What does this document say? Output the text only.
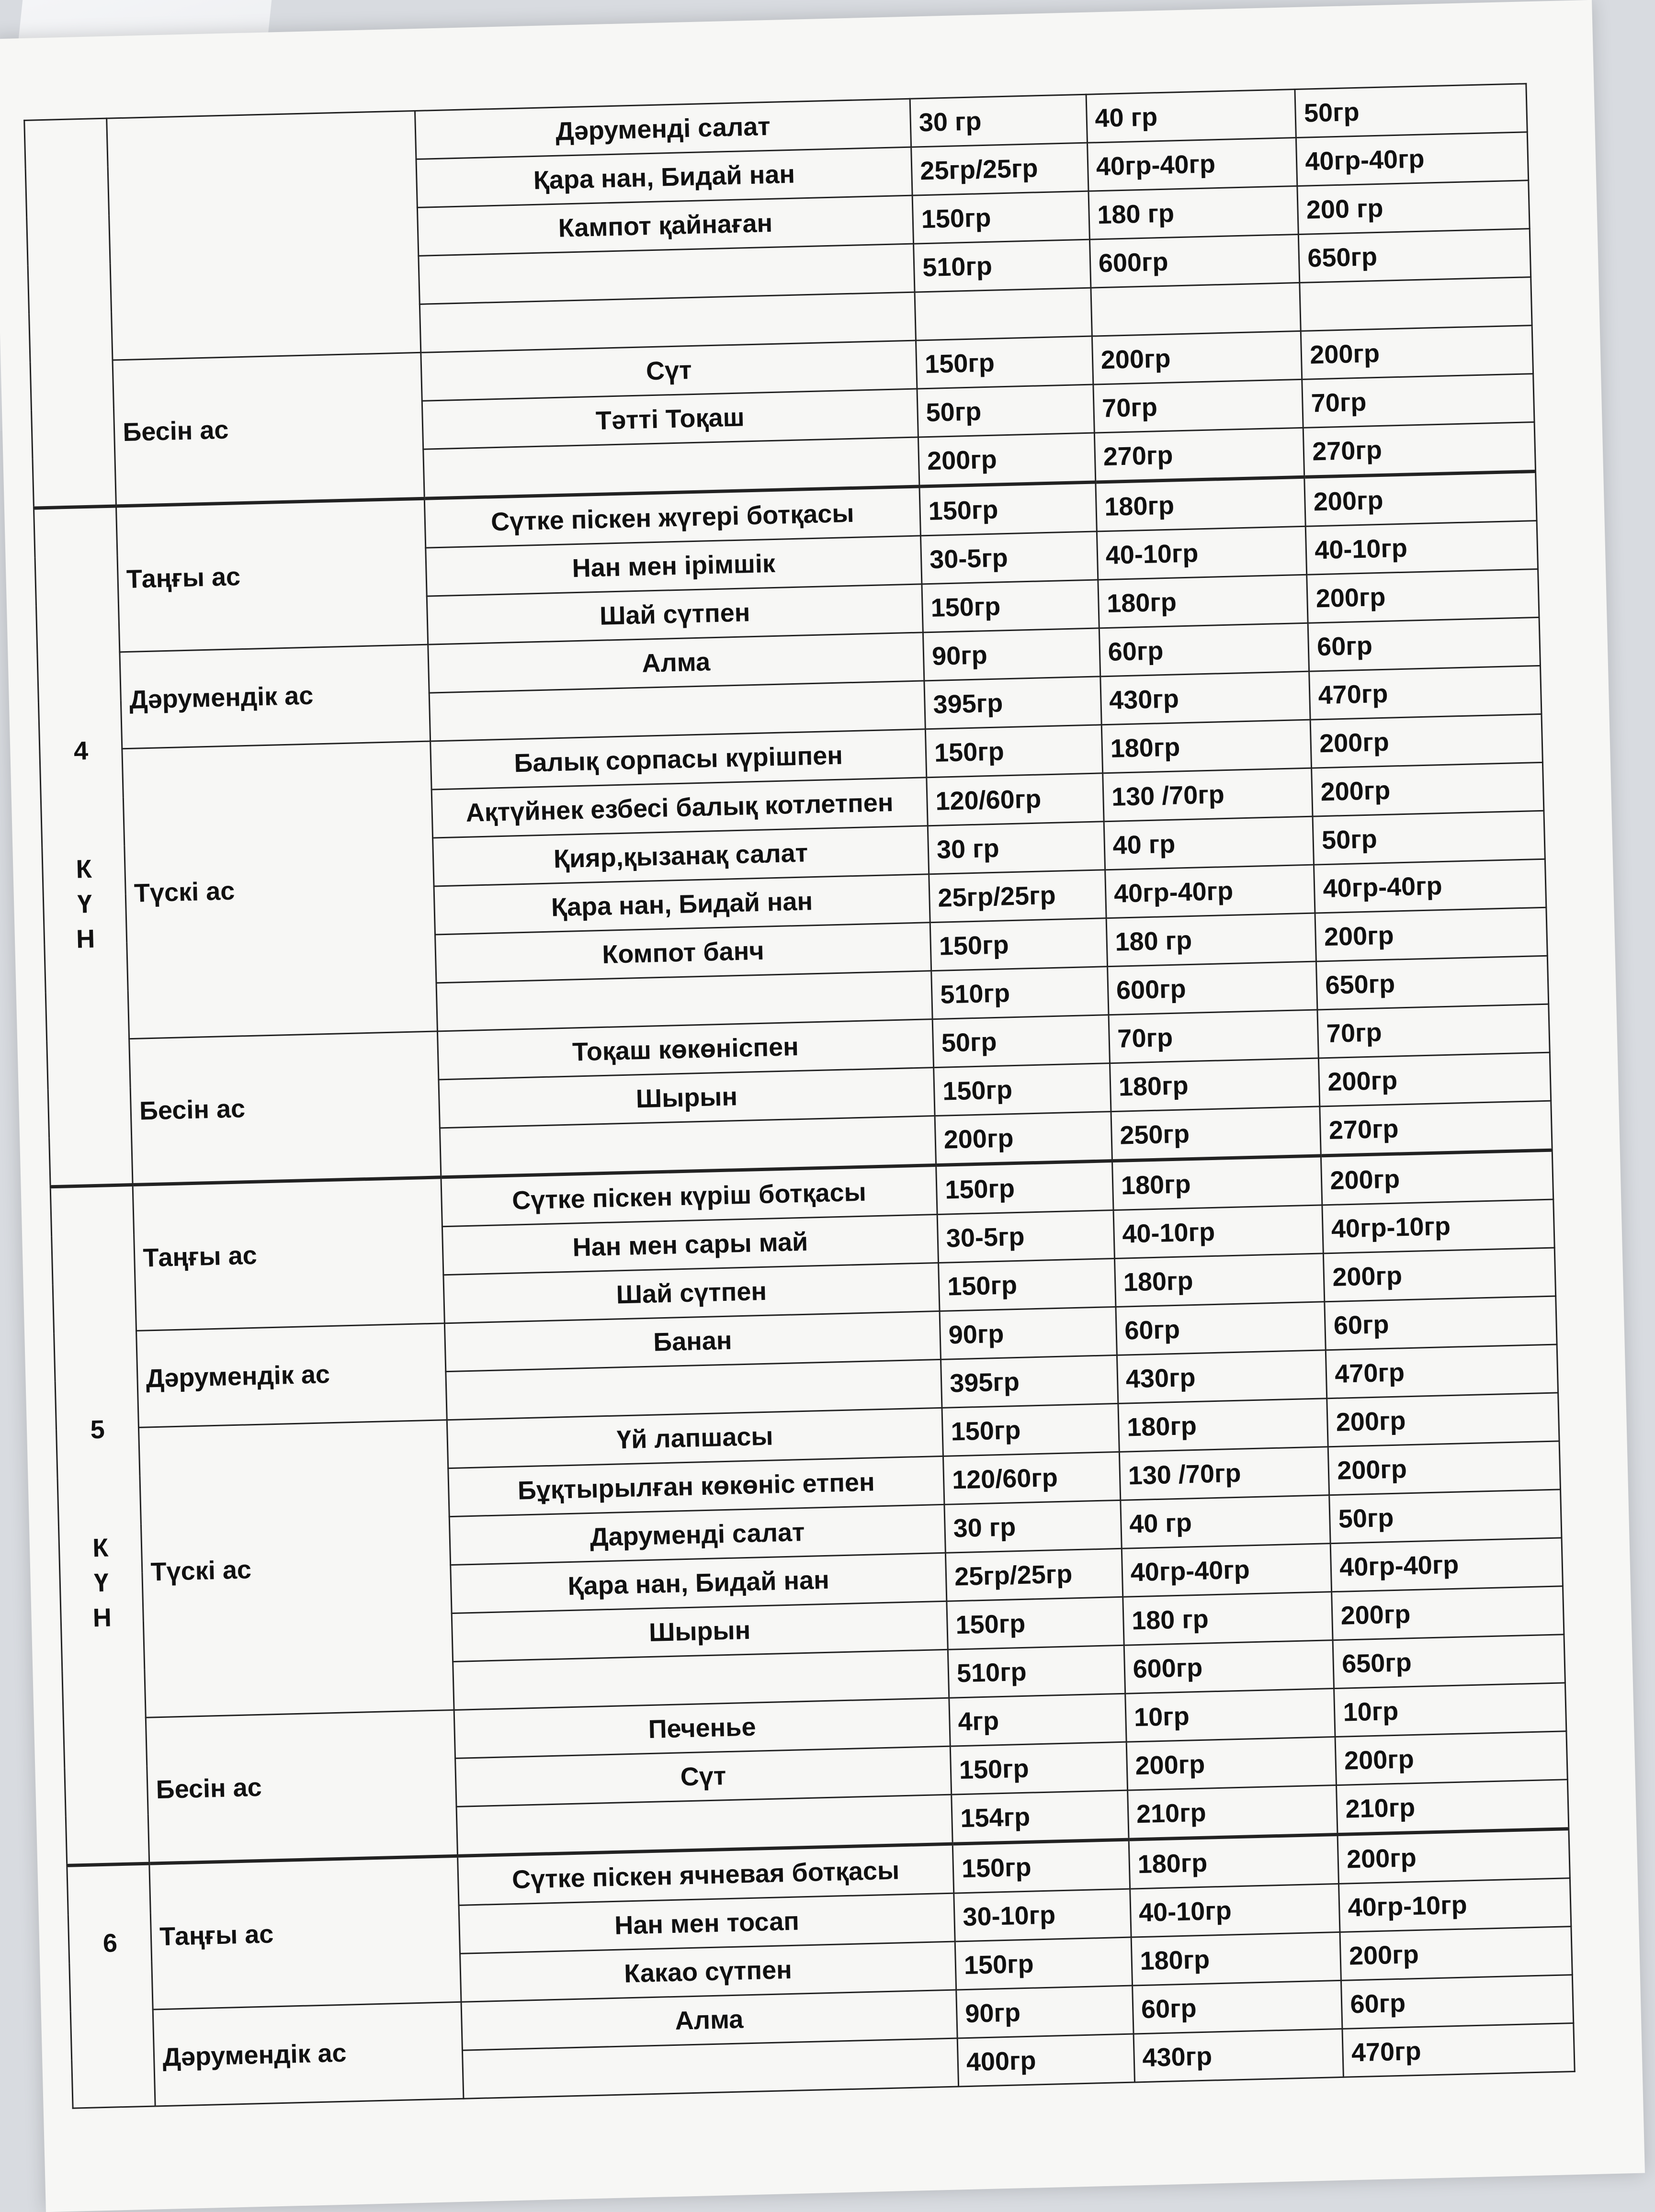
		Дәруменді салат	30 гр	40 гр	50гр
		Қара нан, Бидай нан	25гр/25гр	40гр-40гр	40гр-40гр
		Кампот қайнаған	150гр	180 гр	200 гр
			510гр	600гр	650гр

	Бесін ас	Сүт	150гр	200гр	200гр
		Тәтті Тоқаш	50гр	70гр	70гр
			200гр	270гр	270гр

4
К
Ү
Н	Таңғы ас	Сүтке піскен жүгері ботқасы	150гр	180гр	200гр
		Нан мен ірімшік	30-5гр	40-10гр	40-10гр
		Шай сүтпен	150гр	180гр	200гр
	Дәрумендік ас	Алма	90гр	60гр	60гр
			395гр	430гр	470гр
	Түскі ас	Балық сорпасы күрішпен	150гр	180гр	200гр
		Ақтүйнек езбесі балық котлетпен	120/60гр	130 /70гр	200гр
		Қияр,қызанақ салат	30 гр	40 гр	50гр
		Қара нан, Бидай нан	25гр/25гр	40гр-40гр	40гр-40гр
		Компот банч	150гр	180 гр	200гр
			510гр	600гр	650гр
	Бесін ас	Тоқаш көкөніспен	50гр	70гр	70гр
		Шырын	150гр	180гр	200гр
			200гр	250гр	270гр

5
К
Ү
Н	Таңғы ас	Сүтке піскен күріш ботқасы	150гр	180гр	200гр
		Нан мен сары май	30-5гр	40-10гр	40гр-10гр
		Шай сүтпен	150гр	180гр	200гр
	Дәрумендік ас	Банан	90гр	60гр	60гр
			395гр	430гр	470гр
	Түскі ас	Үй лапшасы	150гр	180гр	200гр
		Бұқтырылған көкөніс етпен	120/60гр	130 /70гр	200гр
		Даруменді салат	30 гр	40 гр	50гр
		Қара нан, Бидай нан	25гр/25гр	40гр-40гр	40гр-40гр
		Шырын	150гр	180 гр	200гр
			510гр	600гр	650гр
	Бесін ас	Печенье	4гр	10гр	10гр
		Сүт	150гр	200гр	200гр
			154гр	210гр	210гр

6	Таңғы ас	Сүтке піскен ячневая ботқасы	150гр	180гр	200гр
		Нан мен тосап	30-10гр	40-10гр	40гр-10гр
		Какао сүтпен	150гр	180гр	200гр
	Дәрумендік ас	Алма	90гр	60гр	60гр
			400гр	430гр	470гр
